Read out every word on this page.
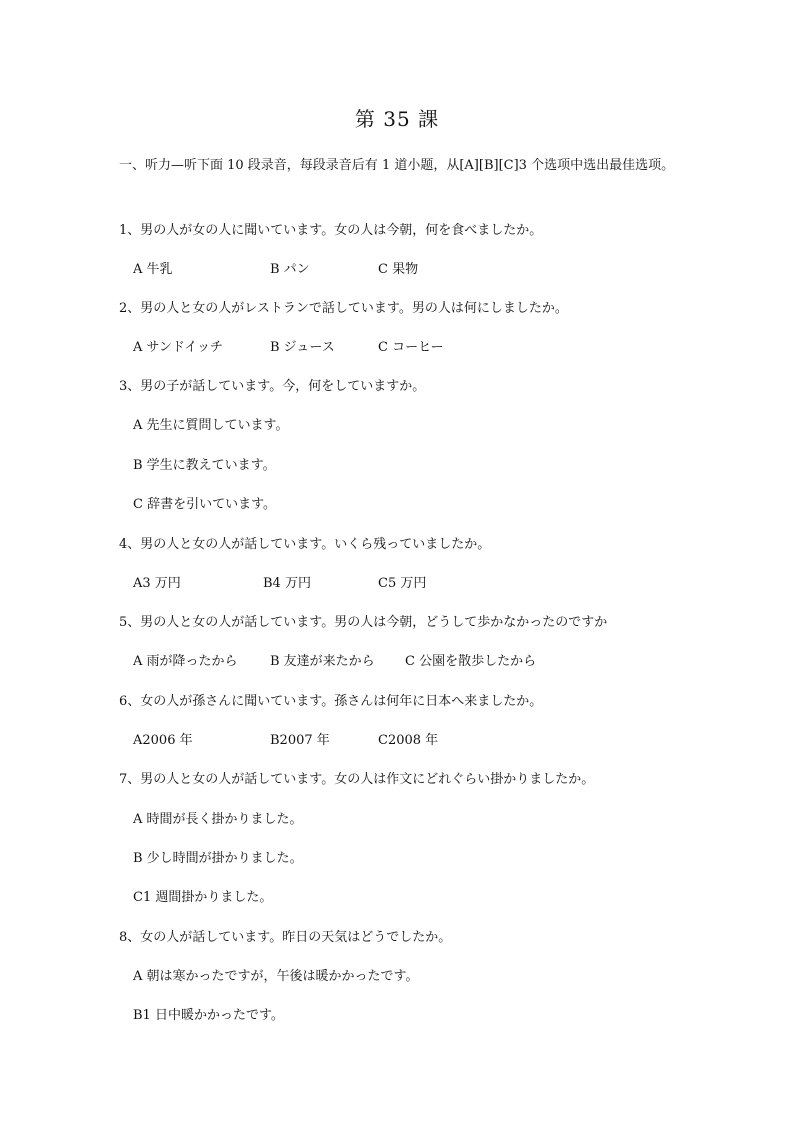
第 35 課
一、听力—听下面 10 段录音，每段录音后有 1 道小题，从[A][B][C]3 个选项中选出最佳选项。
1、男の人が女の人に聞いています。女の人は今朝，何を食べましたか。
A 牛乳	B パン	C 果物
2、男の人と女の人がレストランで話しています。男の人は何にしましたか。
A サンドイッチ	B ジュース	C コーヒー
3、男の子が話しています。今，何をしていますか。
A 先生に質問しています。
B 学生に教えています。
C 辞書を引いています。
4、男の人と女の人が話しています。いくら残っていましたか。
A3 万円	B4 万円	C5 万円
5、男の人と女の人が話しています。男の人は今朝，どうして歩かなかったのですか
A 雨が降ったから B 友達が来たから C 公園を散歩したから
6、女の人が孫さんに聞いています。孫さんは何年に日本へ来ましたか。
A2006 年	B2007 年	C2008 年
7、男の人と女の人が話しています。女の人は作文にどれぐらい掛かりましたか。
A 時間が長く掛かりました。
B 少し時間が掛かりました。
C1 週間掛かりました。
8、女の人が話しています。昨日の天気はどうでしたか。
A 朝は寒かったですが，午後は暖かかったです。
B1 日中暖かかったです。
